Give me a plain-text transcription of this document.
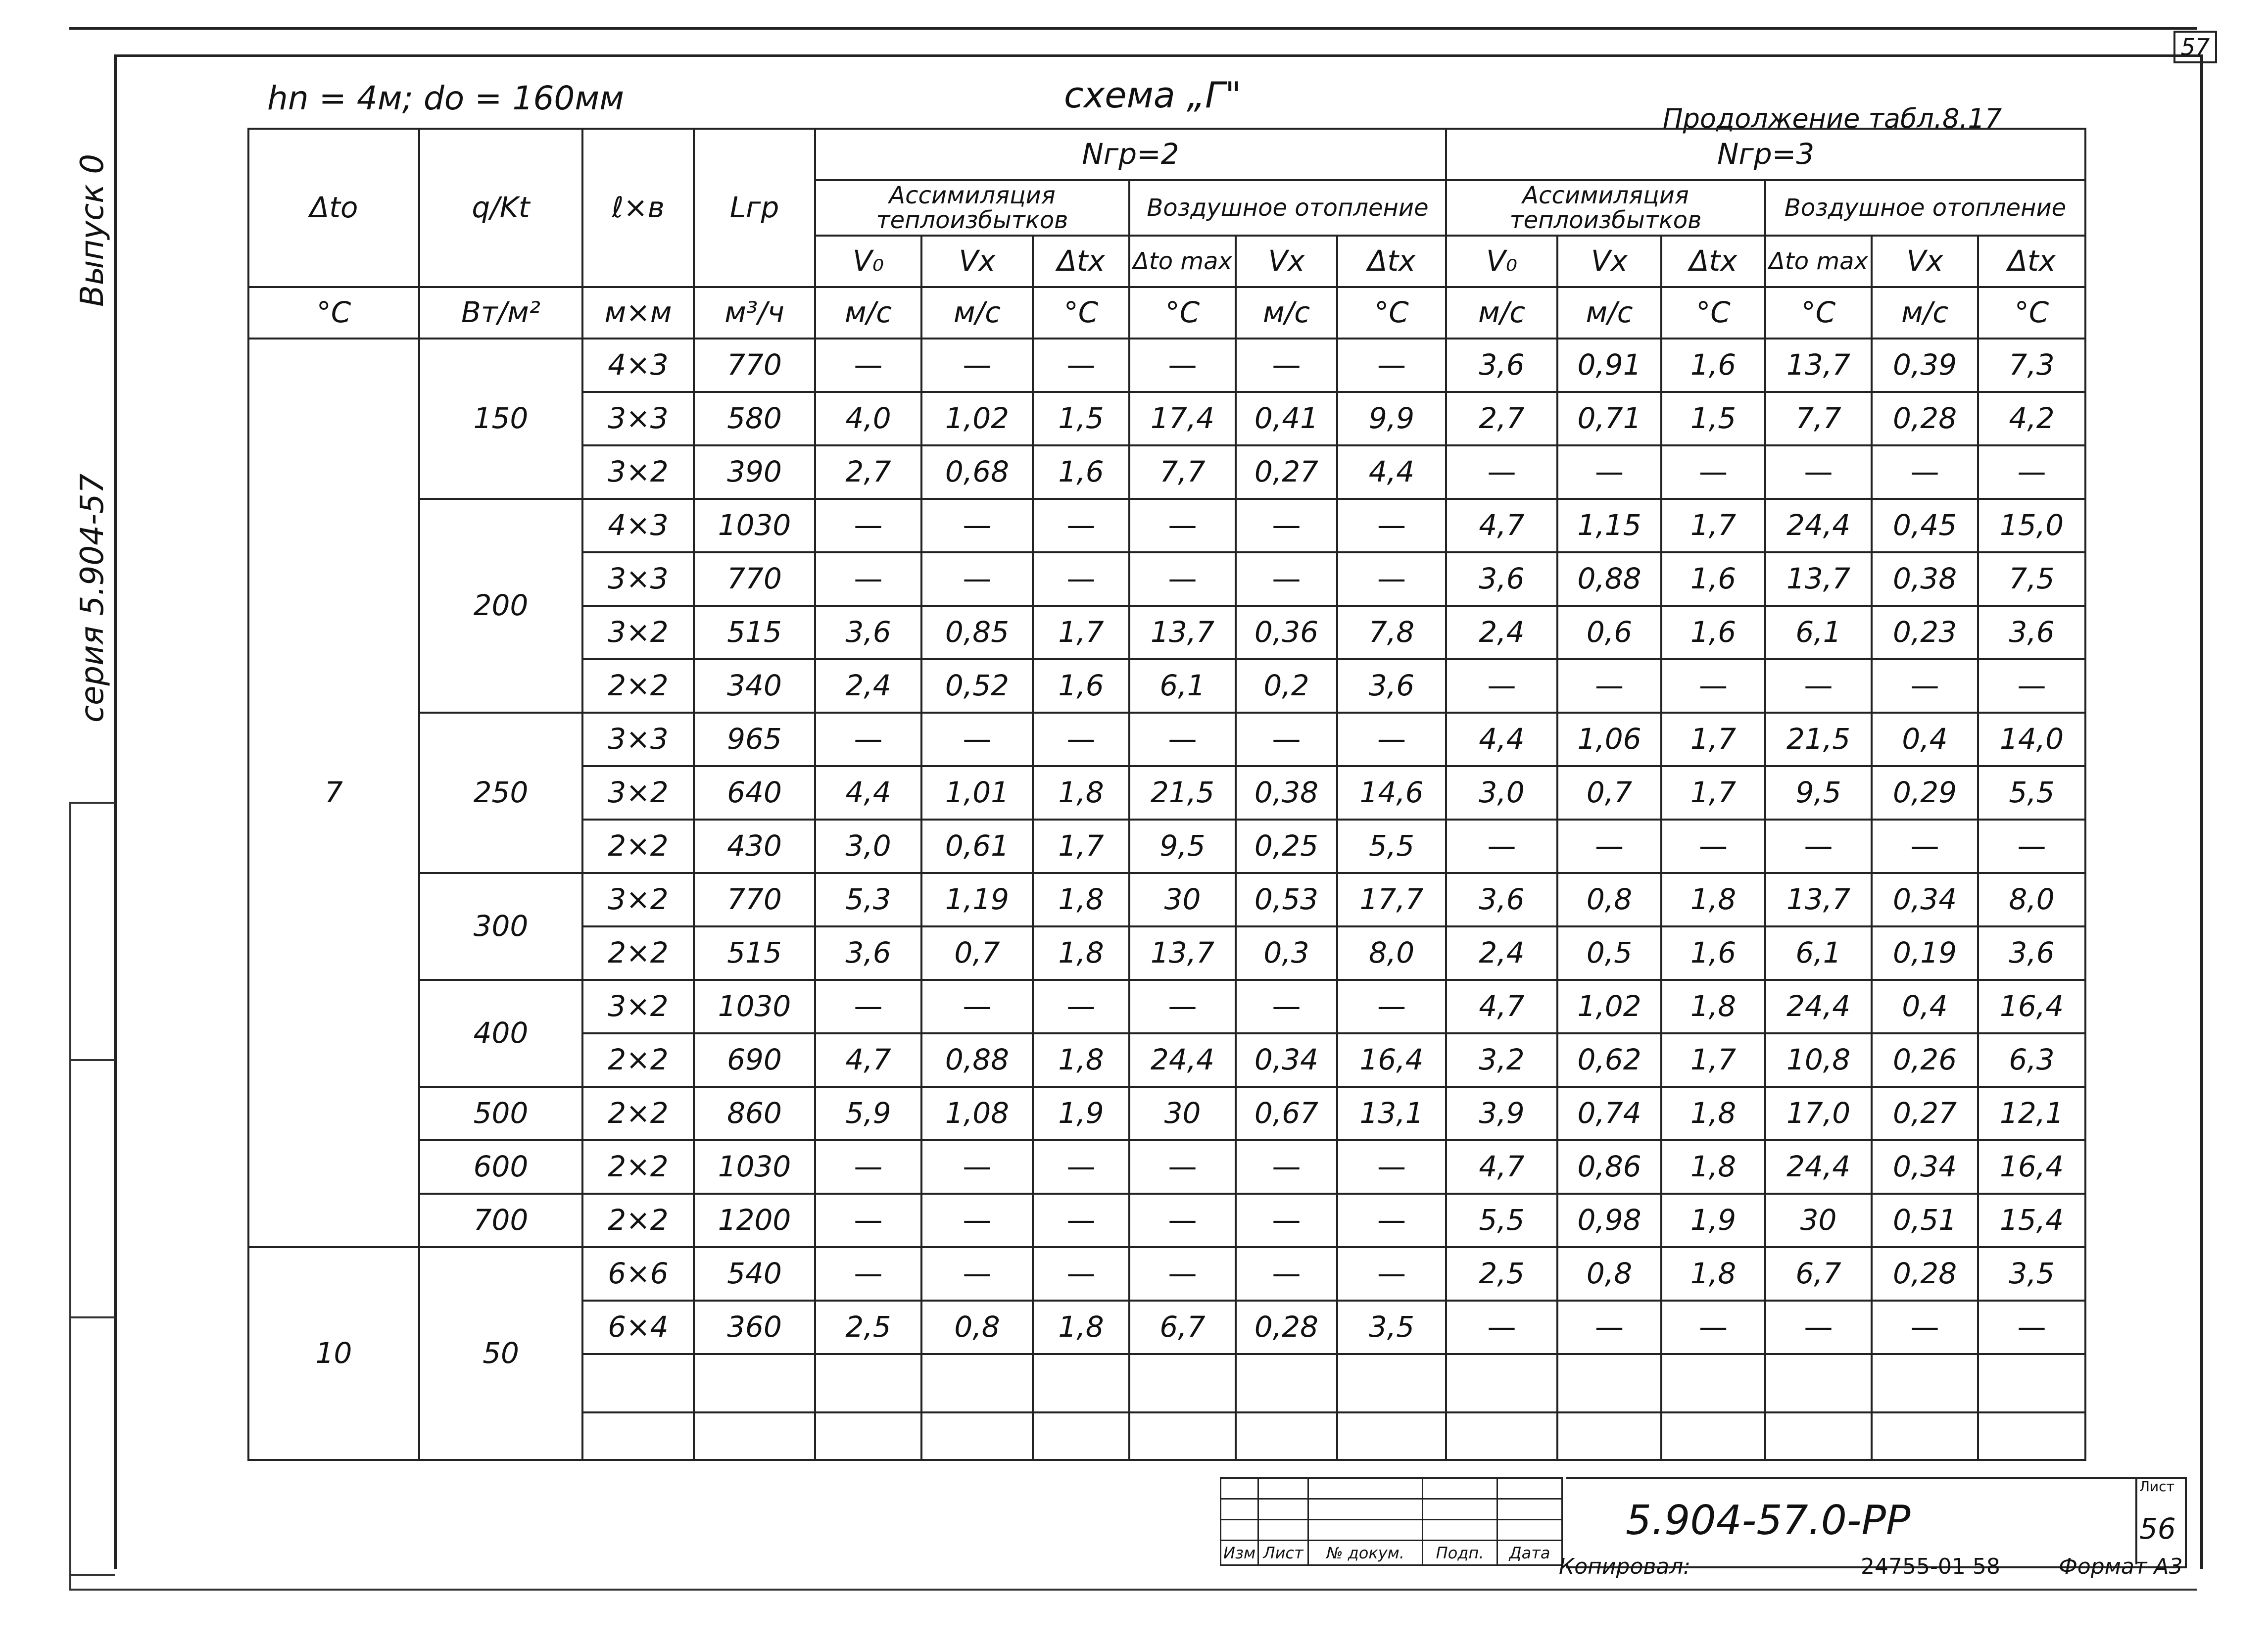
57
Выпуск 0
серия 5.904-57
hn = 4м; do = 160мм	схема „Г"
Продолжение табл.8.17
Δto	q/Kt	ℓ×в	Lгр	Nгр=2						Nгр=3					
				Ассимиляция теплоизбытков			Воздушное отопление			Ассимиляция теплоизбытков			Воздушное отопление		
				V₀	Vх	Δtх	Δto max	Vх	Δtх	V₀	Vх	Δtх	Δto max	Vх	Δtх
°C	Вт/м²	м×м	м³/ч	м/с	м/с	°C	°C	м/с	°C	м/с	м/с	°C	°C	м/с	°C
7	150	4×3	770	—	—	—	—	—	—	3,6	0,91	1,6	13,7	0,39	7,3
		3×3	580	4,0	1,02	1,5	17,4	0,41	9,9	2,7	0,71	1,5	7,7	0,28	4,2
		3×2	390	2,7	0,68	1,6	7,7	0,27	4,4	—	—	—	—	—	—
	200	4×3	1030	—	—	—	—	—	—	4,7	1,15	1,7	24,4	0,45	15,0
		3×3	770	—	—	—	—	—	—	3,6	0,88	1,6	13,7	0,38	7,5
		3×2	515	3,6	0,85	1,7	13,7	0,36	7,8	2,4	0,6	1,6	6,1	0,23	3,6
		2×2	340	2,4	0,52	1,6	6,1	0,2	3,6	—	—	—	—	—	—
	250	3×3	965	—	—	—	—	—	—	4,4	1,06	1,7	21,5	0,4	14,0
		3×2	640	4,4	1,01	1,8	21,5	0,38	14,6	3,0	0,7	1,7	9,5	0,29	5,5
		2×2	430	3,0	0,61	1,7	9,5	0,25	5,5	—	—	—	—	—	—
	300	3×2	770	5,3	1,19	1,8	30	0,53	17,7	3,6	0,8	1,8	13,7	0,34	8,0
		2×2	515	3,6	0,7	1,8	13,7	0,3	8,0	2,4	0,5	1,6	6,1	0,19	3,6
	400	3×2	1030	—	—	—	—	—	—	4,7	1,02	1,8	24,4	0,4	16,4
		2×2	690	4,7	0,88	1,8	24,4	0,34	16,4	3,2	0,62	1,7	10,8	0,26	6,3
	500	2×2	860	5,9	1,08	1,9	30	0,67	13,1	3,9	0,74	1,8	17,0	0,27	12,1
	600	2×2	1030	—	—	—	—	—	—	4,7	0,86	1,8	24,4	0,34	16,4
	700	2×2	1200	—	—	—	—	—	—	5,5	0,98	1,9	30	0,51	15,4
10	50	6×6	540	—	—	—	—	—	—	2,5	0,8	1,8	6,7	0,28	3,5
		6×4	360	2,5	0,8	1,8	6,7	0,28	3,5	—	—	—	—	—	—

Изм	Лист	№ докум.	Подп.	Дата
5.904-57.0-РР
Лист
56
Копировал:	24755-01 58	Формат А3
